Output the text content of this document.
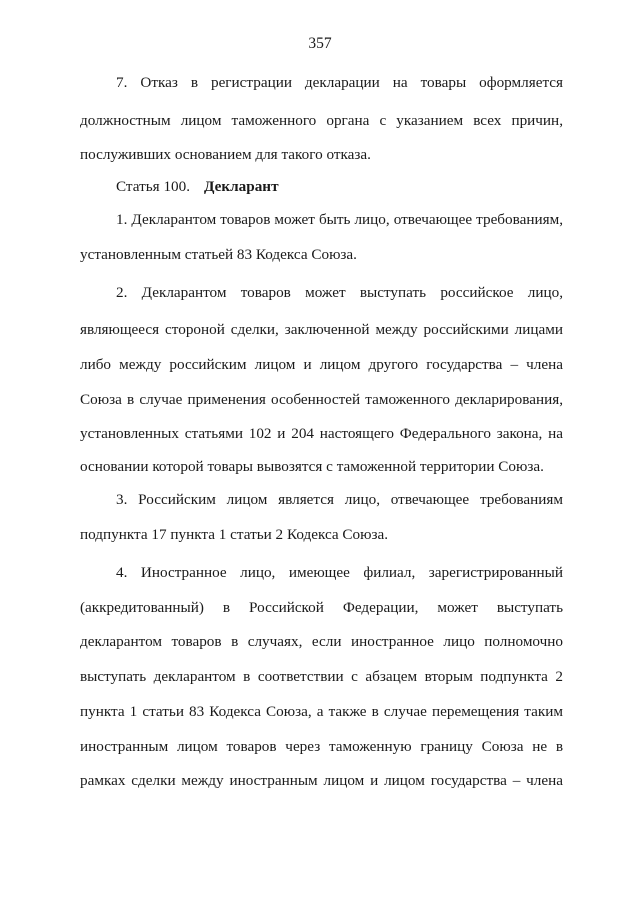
357
7. Отказ в регистрации декларации на товары оформляется
должностным лицом таможенного органа с указанием всех причин,
послуживших основанием для такого отказа.
Статья 100. Декларант
1. Декларантом товаров может быть лицо, отвечающее требованиям,
установленным статьей 83 Кодекса Союза.
2. Декларантом товаров может выступать российское лицо,
являющееся стороной сделки, заключенной между российскими лицами
либо между российским лицом и лицом другого государства – члена
Союза в случае применения особенностей таможенного декларирования,
установленных статьями 102 и 204 настоящего Федерального закона, на
основании которой товары вывозятся с таможенной территории Союза.
3. Российским лицом является лицо, отвечающее требованиям
подпункта 17 пункта 1 статьи 2 Кодекса Союза.
4. Иностранное лицо, имеющее филиал, зарегистрированный
(аккредитованный) в Российской Федерации, может выступать
декларантом товаров в случаях, если иностранное лицо полномочно
выступать декларантом в соответствии с абзацем вторым подпункта 2
пункта 1 статьи 83 Кодекса Союза, а также в случае перемещения таким
иностранным лицом товаров через таможенную границу Союза не в
рамках сделки между иностранным лицом и лицом государства – члена
